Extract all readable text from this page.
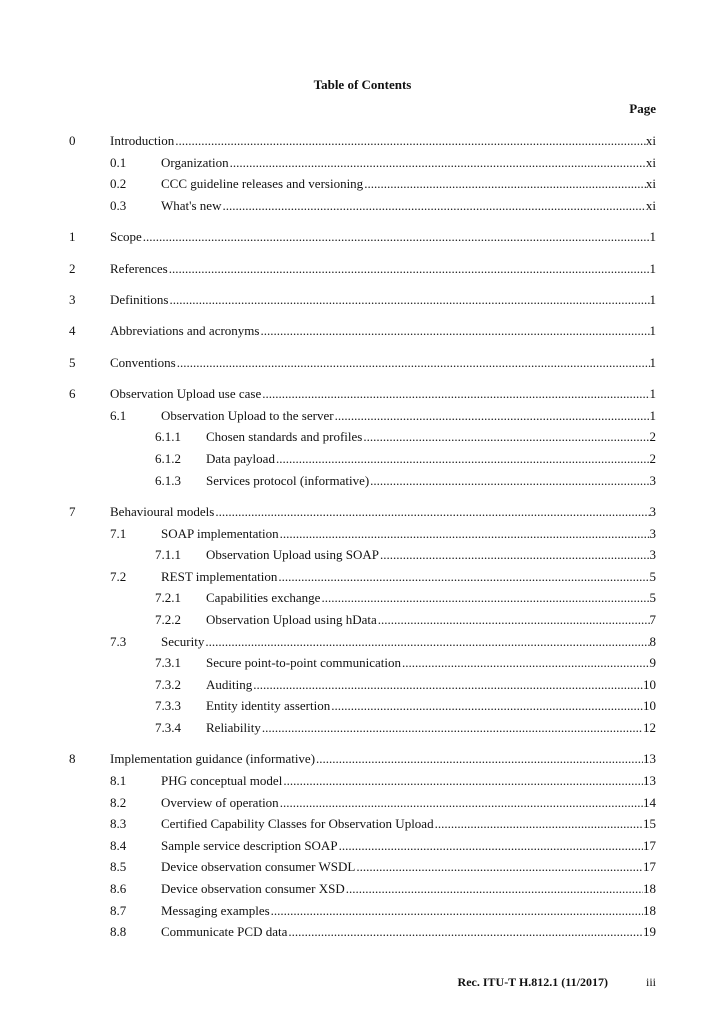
Table of Contents
Page
0	Introduction .....	xi
0.1	Organization .....	xi
0.2	CCC guideline releases and versioning .....	xi
0.3	What's new .....	xi
1	Scope .....	1
2	References .....	1
3	Definitions .....	1
4	Abbreviations and acronyms .....	1
5	Conventions .....	1
6	Observation Upload use case .....	1
6.1	Observation Upload to the server .....	1
6.1.1 Chosen standards and profiles .....	2
6.1.2 Data payload .....	2
6.1.3 Services protocol (informative) .....	3
7	Behavioural models .....	3
7.1	SOAP implementation .....	3
7.1.1 Observation Upload using SOAP .....	3
7.2	REST implementation .....	5
7.2.1 Capabilities exchange .....	5
7.2.2 Observation Upload using hData .....	7
7.3	Security .....	8
7.3.1 Secure point-to-point communication .....	9
7.3.2 Auditing .....	10
7.3.3 Entity identity assertion .....	10
7.3.4 Reliability .....	12
8	Implementation guidance (informative) .....	13
8.1	PHG conceptual model .....	13
8.2	Overview of operation .....	14
8.3	Certified Capability Classes for Observation Upload .....	15
8.4	Sample service description SOAP .....	17
8.5	Device observation consumer WSDL .....	17
8.6	Device observation consumer XSD .....	18
8.7	Messaging examples .....	18
8.8	Communicate PCD data .....	19
Rec. ITU-T H.812.1 (11/2017)	iii
